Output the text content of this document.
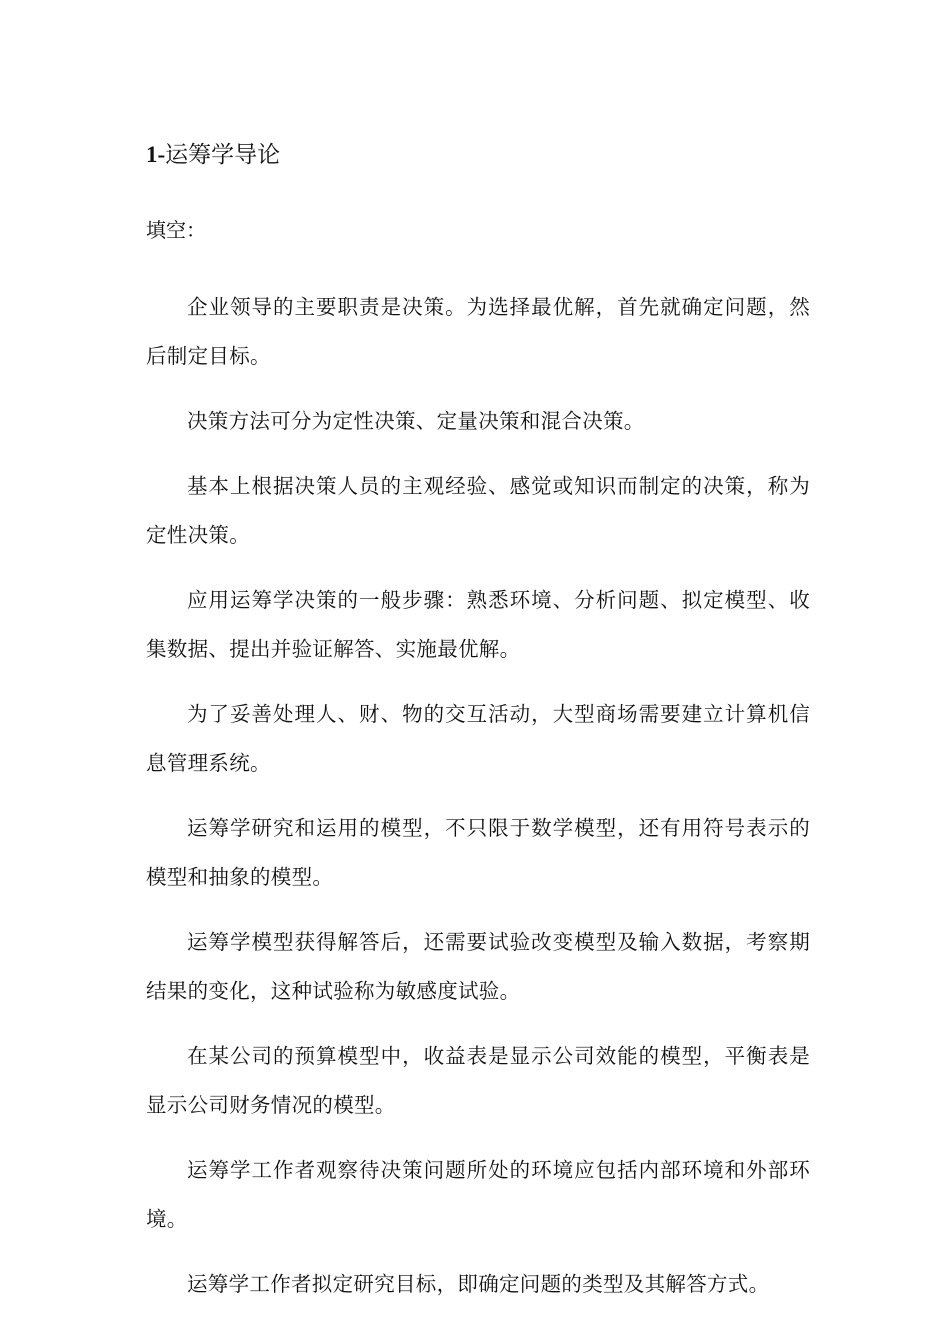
1-运筹学导论
填空：

企业领导的主要职责是决策。为选择最优解，首先就确定问题，然后制定目标。

决策方法可分为定性决策、定量决策和混合决策。

基本上根据决策人员的主观经验、感觉或知识而制定的决策，称为定性决策。

应用运筹学决策的一般步骤：熟悉环境、分析问题、拟定模型、收集数据、提出并验证解答、实施最优解。

为了妥善处理人、财、物的交互活动，大型商场需要建立计算机信息管理系统。

运筹学研究和运用的模型，不只限于数学模型，还有用符号表示的模型和抽象的模型。

运筹学模型获得解答后，还需要试验改变模型及输入数据，考察期结果的变化，这种试验称为敏感度试验。

在某公司的预算模型中，收益表是显示公司效能的模型，平衡表是显示公司财务情况的模型。

运筹学工作者观察待决策问题所处的环境应包括内部环境和外部环境。

运筹学工作者拟定研究目标，即确定问题的类型及其解答方式。
